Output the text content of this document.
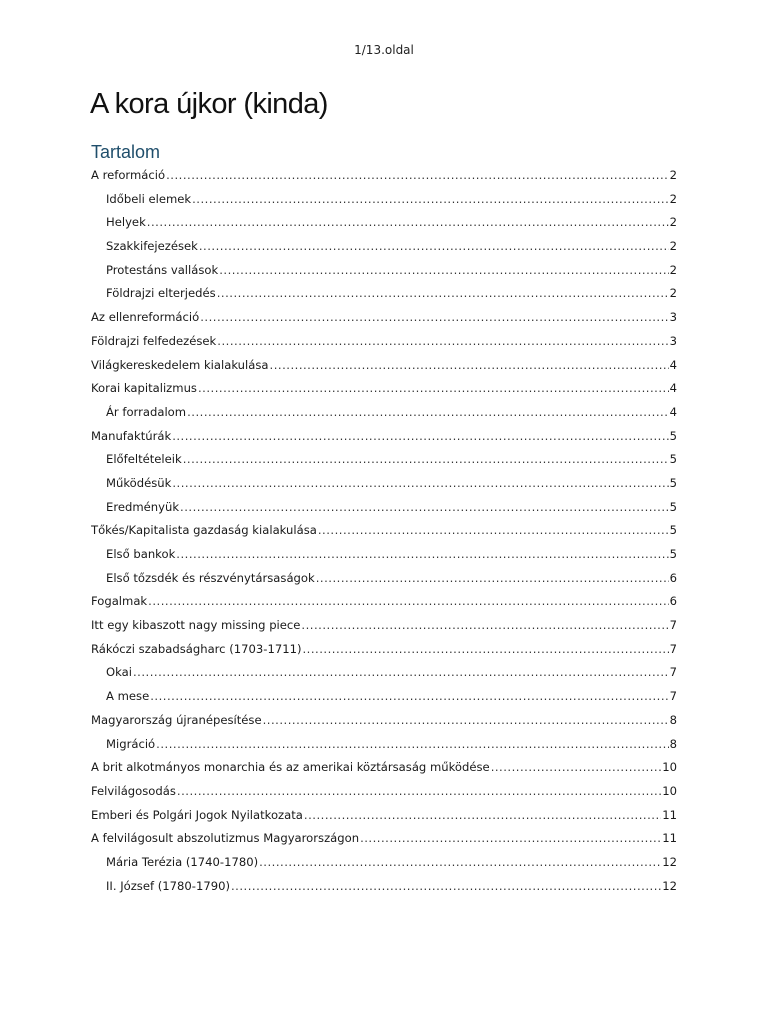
1/13.oldal
A kora újkor (kinda)
Tartalom
A reformáció .....	2
Időbeli elemek .....	2
Helyek .....	2
Szakkifejezések .....	2
Protestáns vallások .....	2
Földrajzi elterjedés .....	2
Az ellenreformáció .....	3
Földrajzi felfedezések .....	3
Világkereskedelem kialakulása .....	4
Korai kapitalizmus .....	4
Ár forradalom .....	4
Manufaktúrák .....	5
Előfeltételeik .....	5
Működésük .....	5
Eredményük .....	5
Tőkés/Kapitalista gazdaság kialakulása .....	5
Első bankok .....	5
Első tőzsdék és részvénytársaságok .....	6
Fogalmak .....	6
Itt egy kibaszott nagy missing piece .....	7
Rákóczi szabadságharc (1703-1711) .....	7
Okai .....	7
A mese .....	7
Magyarország újranépesítése .....	8
Migráció .....	8
A brit alkotmányos monarchia és az amerikai köztársaság működése .....	10
Felvilágosodás .....	10
Emberi és Polgári Jogok Nyilatkozata .....	11
A felvilágosult abszolutizmus Magyarországon .....	11
Mária Terézia (1740-1780) .....	12
II. József (1780-1790) .....	12
